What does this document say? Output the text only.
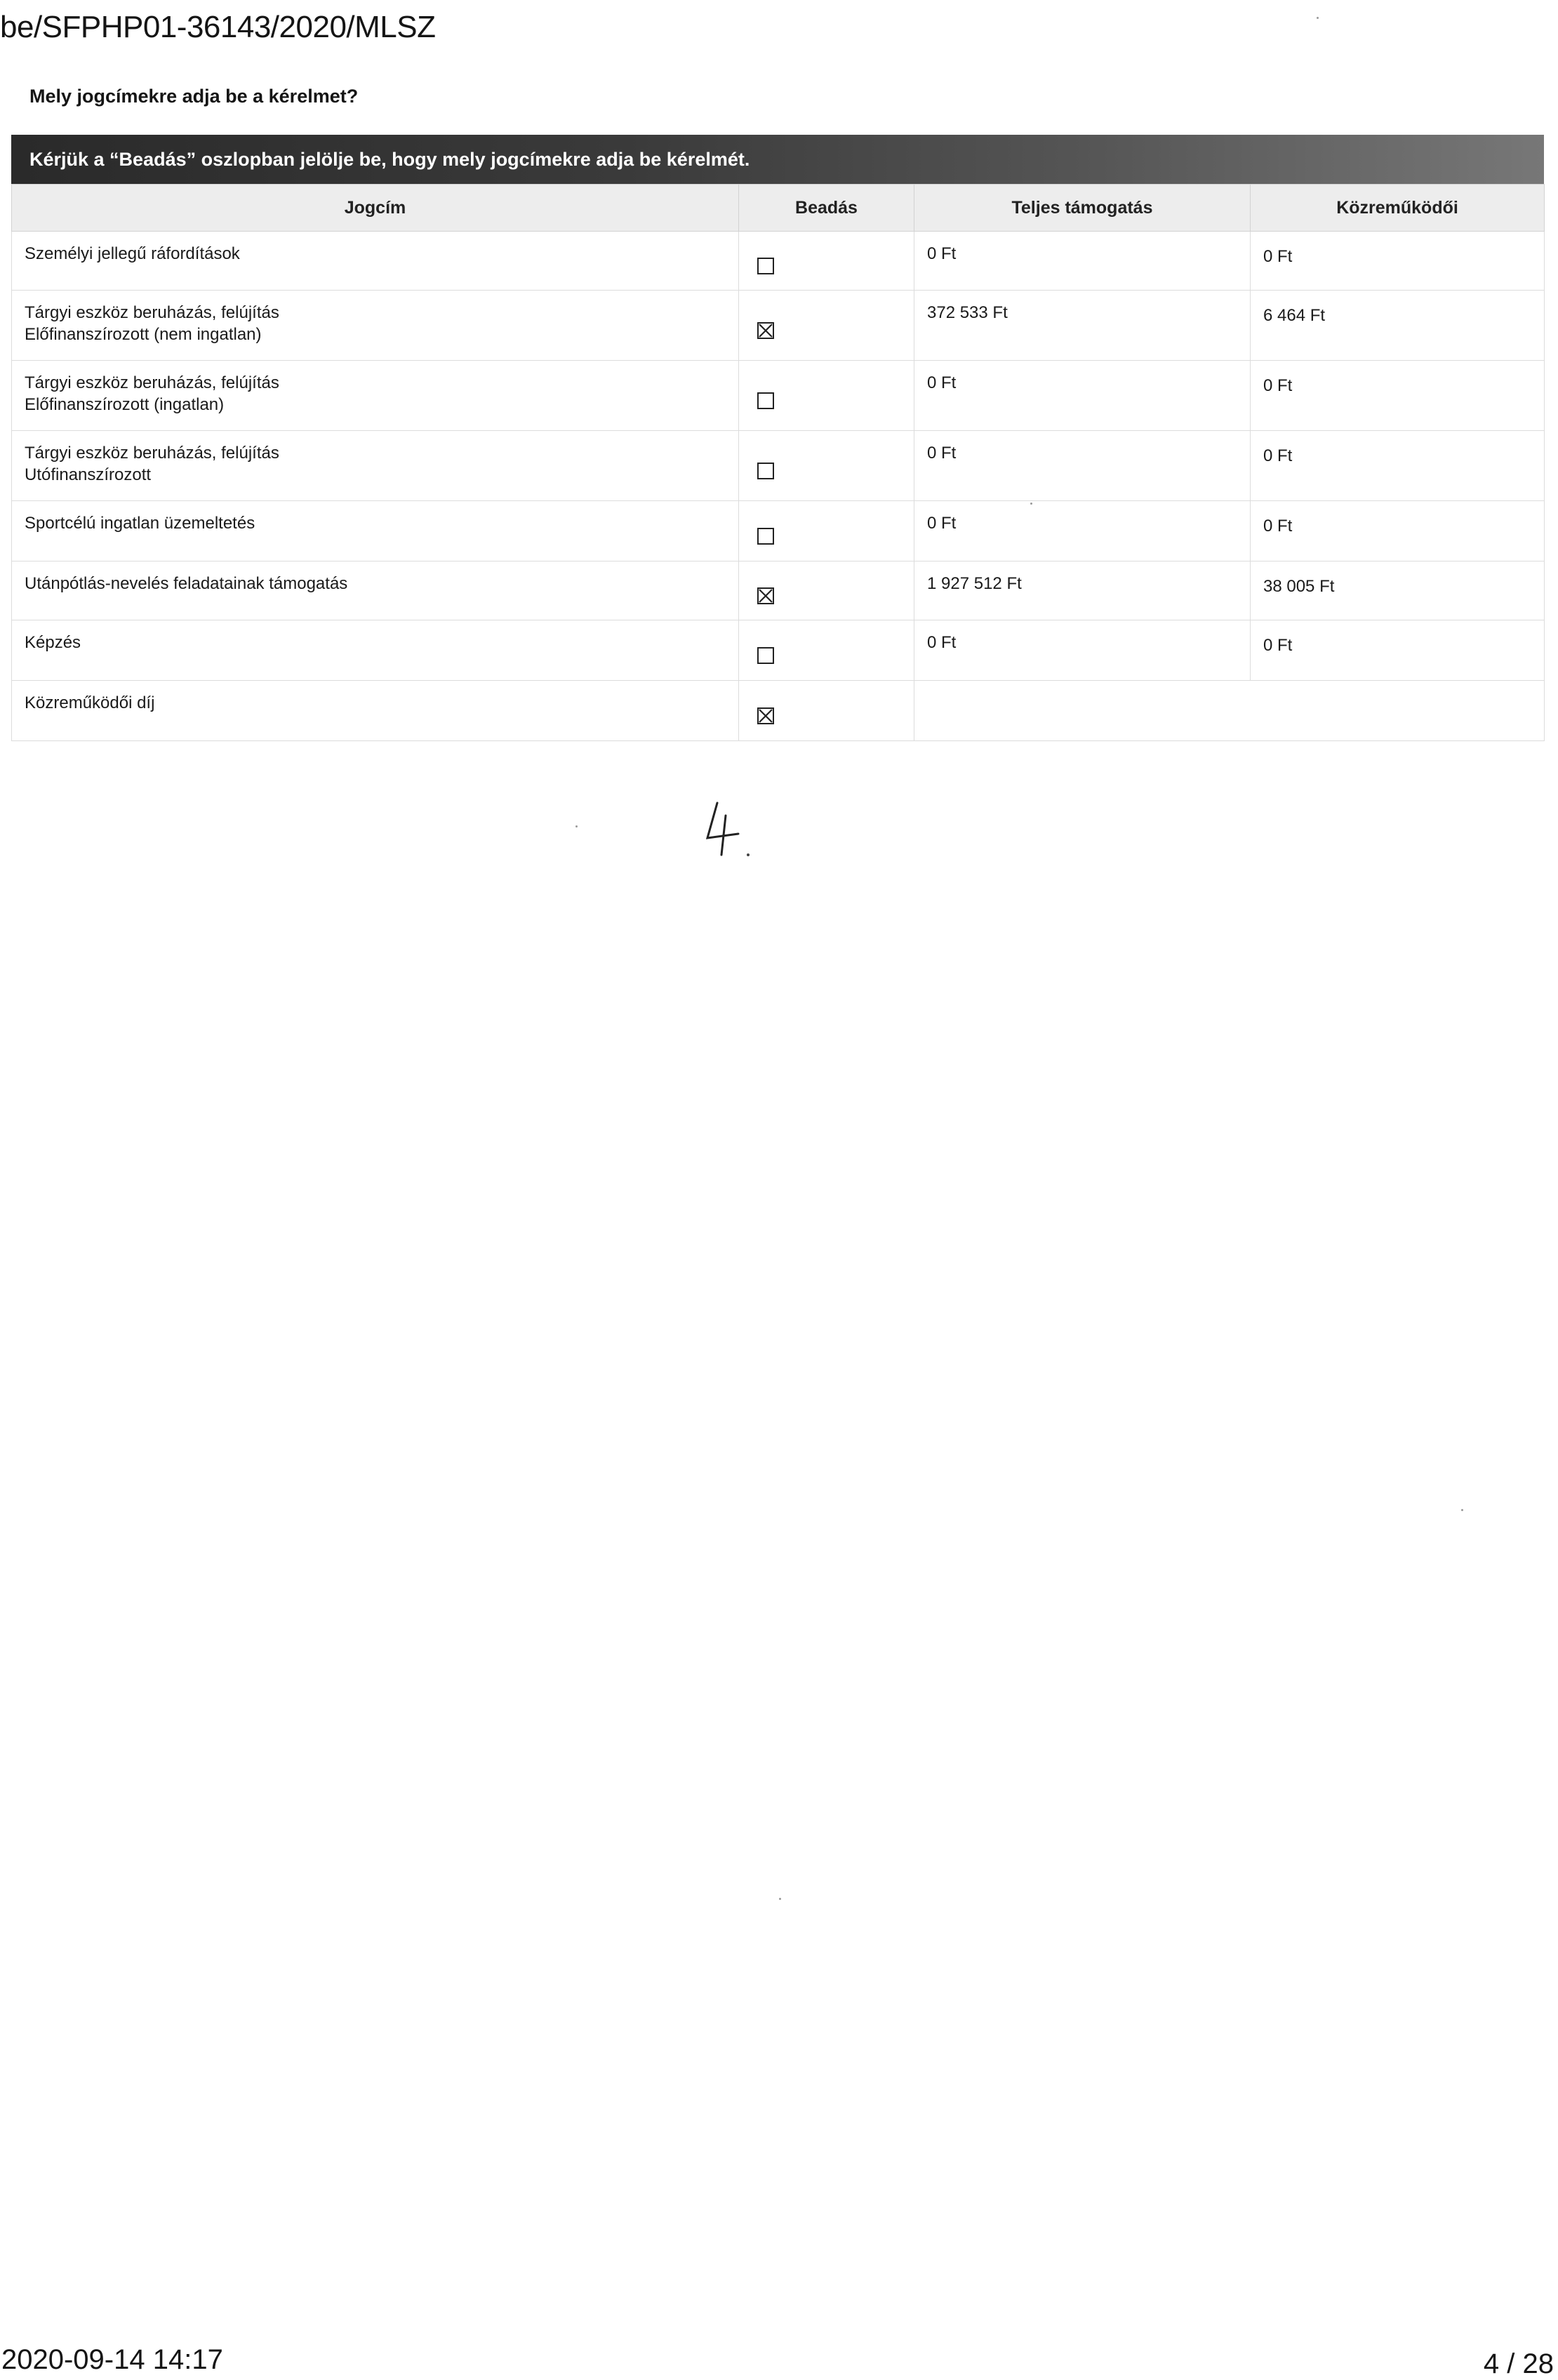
be/SFPHP01-36143/2020/MLSZ
Mely jogcímekre adja be a kérelmet?
Kérjük a “Beadás” oszlopban jelölje be, hogy mely jogcímekre adja be kérelmét.
Jogcím	Beadás	Teljes támogatás	Közreműködői

Személyi jellegű ráfordítások		0 Ft	0 Ft

Tárgyi eszköz beruházás, felújítás
Előfinanszírozott (nem ingatlan)		372 533 Ft	6 464 Ft

Tárgyi eszköz beruházás, felújítás
Előfinanszírozott (ingatlan)		0 Ft	0 Ft

Tárgyi eszköz beruházás, felújítás
Utófinanszírozott		0 Ft	0 Ft

Sportcélú ingatlan üzemeltetés		0 Ft	0 Ft

Utánpótlás-nevelés feladatainak támogatás		1 927 512 Ft	38 005 Ft

Képzés		0 Ft	0 Ft

Közreműködői díj

2020-09-14 14:17	4 / 28
